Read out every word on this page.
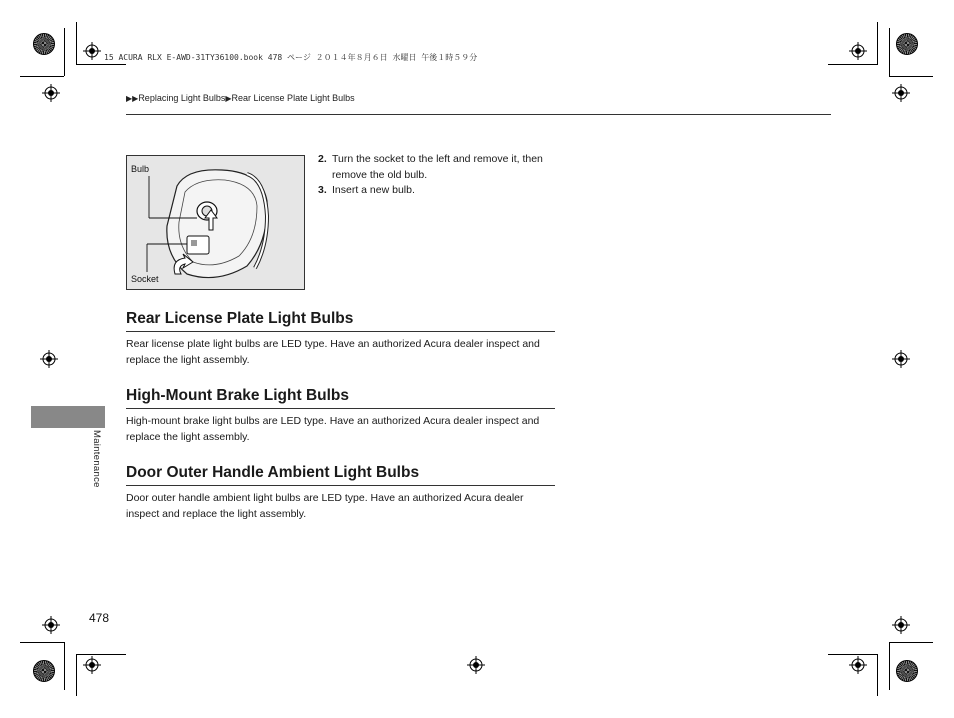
15 ACURA RLX E-AWD-31TY36100.book 478 ページ ２０１４年８月６日 水曜日 午後１時５９分
▶▶Replacing Light Bulbs▶Rear License Plate Light Bulbs
Bulb
Socket
2. Turn the socket to the left and remove it, then remove the old bulb.
3. Insert a new bulb.
Rear License Plate Light Bulbs

Rear license plate light bulbs are LED type. Have an authorized Acura dealer inspect and replace the light assembly.

High-Mount Brake Light Bulbs

High-mount brake light bulbs are LED type. Have an authorized Acura dealer inspect and replace the light assembly.

Door Outer Handle Ambient Light Bulbs

Door outer handle ambient light bulbs are LED type. Have an authorized Acura dealer inspect and replace the light assembly.

Maintenance
478
